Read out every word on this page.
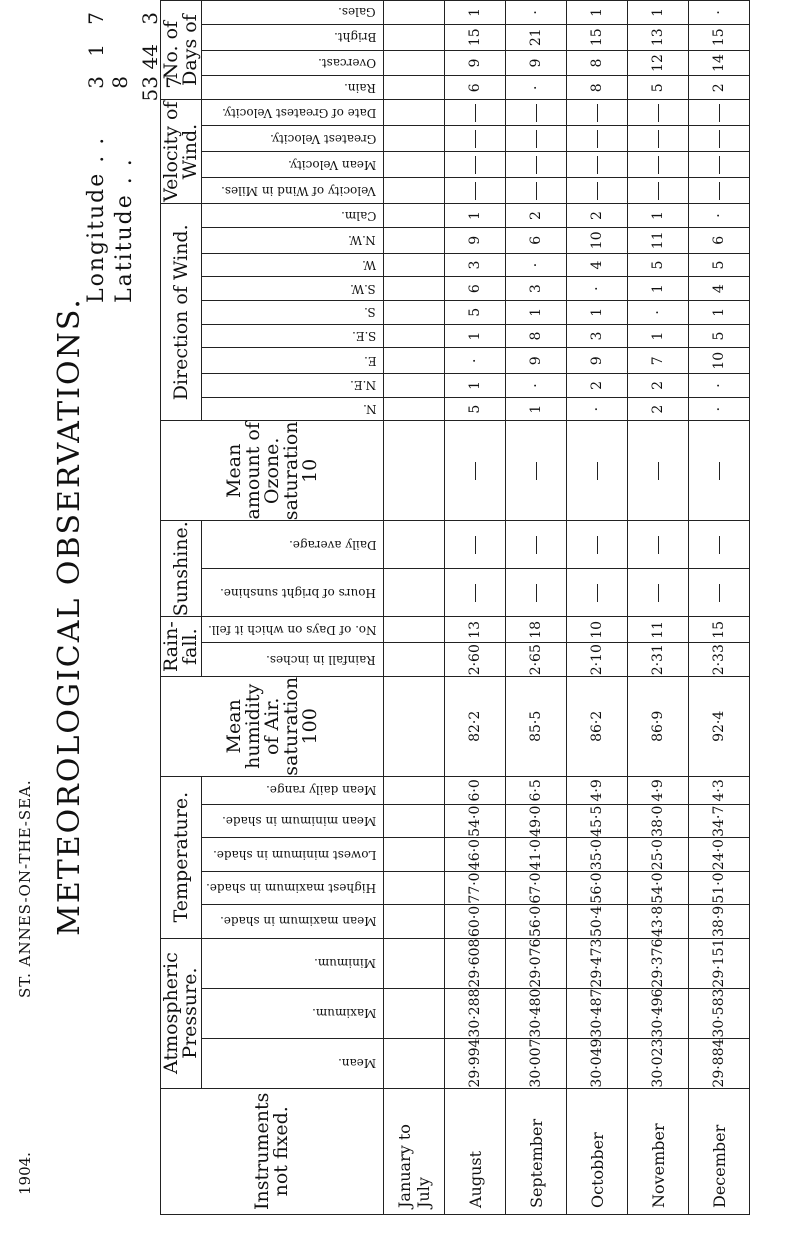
1904.
ST. ANNES-ON-THE-SEA. METEOROLOGICAL OBSERVATIONS.
Longitude . . Latitude . .
3178 534437
Instruments not fixed.	Atmospheric Pressure.			Temperature.					Mean humidity of Air. saturation 100	Rain-fall.		Sunshine.		Mean amount of Ozone. saturation 10	Direction of Wind.									Velocity of Wind.				No. of Days of			
	Mean.	Maximum.	Minimum.	Mean maximum in shade.	Highest maximum in shade.	Lowest minimum in shade.	Mean minimum in shade.	Mean daily range.		Rainfall in inches.	No. of Days on which it fell.	Hours of bright sunshine.	Daily average.		N.	N.E.	E.	S.E.	S.	S.W.	W.	N.W.	Calm.	Velocity of Wind in Miles.	Mean Velocity.	Greatest Velocity.	Date of Greatest Velocity.	Rain.	Overcast.	Bright.	Gales.
January to July																															
August	29·994	30·288	29·608	60·0	77·0	46·0	54·0	6·0	82·2	2·60	13				5	1	·	1	5	6	3	9	1					6	9	15	1
September	30·007	30·480	29·076	56·0	67·0	41·0	49·0	6·5	85·5	2·65	18				1	·	9	8	1	3	·	6	2					·	9	21	·
Octobber	30·049	30·487	29·473	50·4	56·0	35·0	45·5	4·9	86·2	2·10	10				·	2	9	3	1	·	4	10	2					8	8	15	1
November	30·023	30·496	29·376	43·8	54·0	25·0	38·0	4·9	86·9	2·31	11				2	2	7	1	·	1	5	11	1					5	12	13	1
December	29·884	30·583	29·151	38·9	51·0	24·0	34·7	4·3	92·4	2·33	15				·	·	10	5	1	4	5	6	·					2	14	15	·
